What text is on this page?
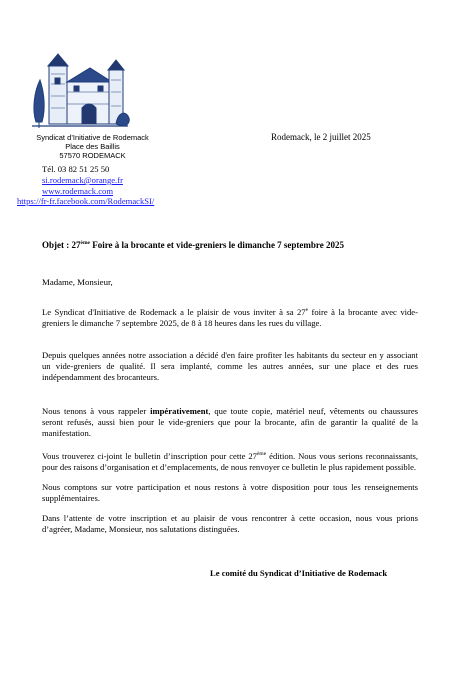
Syndicat d’Initiative de Rodemack
Place des Baillis
57570 RODEMACK
Tél. 03 82 51 25 50
si.rodemack@orange.fr
www.rodemack.com
https://fr-fr.facebook.com/RodemackSI/
Rodemack, le 2 juillet 2025
Objet : 27ème Foire à la brocante et vide-greniers le dimanche 7 septembre 2025
Madame, Monsieur,
Le Syndicat d'Initiative de Rodemack a le plaisir de vous inviter à sa 27e foire à la brocante avec vide-greniers le dimanche 7 septembre 2025, de 8 à 18 heures dans les rues du village.
Depuis quelques années notre association a décidé d'en faire profiter les habitants du secteur en y associant un vide-greniers de qualité. Il sera implanté, comme les autres années, sur une place et des rues indépendamment des brocanteurs.
Nous tenons à vous rappeler impérativement, que toute copie, matériel neuf, vêtements ou chaussures seront refusés, aussi bien pour le vide-greniers que pour la brocante, afin de garantir la qualité de la manifestation.
Vous trouverez ci-joint le bulletin d’inscription pour cette 27ème édition. Nous vous serions reconnaissants, pour des raisons d’organisation et d’emplacements, de nous renvoyer ce bulletin le plus rapidement possible.
Nous comptons sur votre participation et nous restons à votre disposition pour tous les renseignements supplémentaires.
Dans l’attente de votre inscription et au plaisir de vous rencontrer à cette occasion, nous vous prions d’agréer, Madame, Monsieur, nos salutations distinguées.
Le comité du Syndicat d’Initiative de Rodemack
